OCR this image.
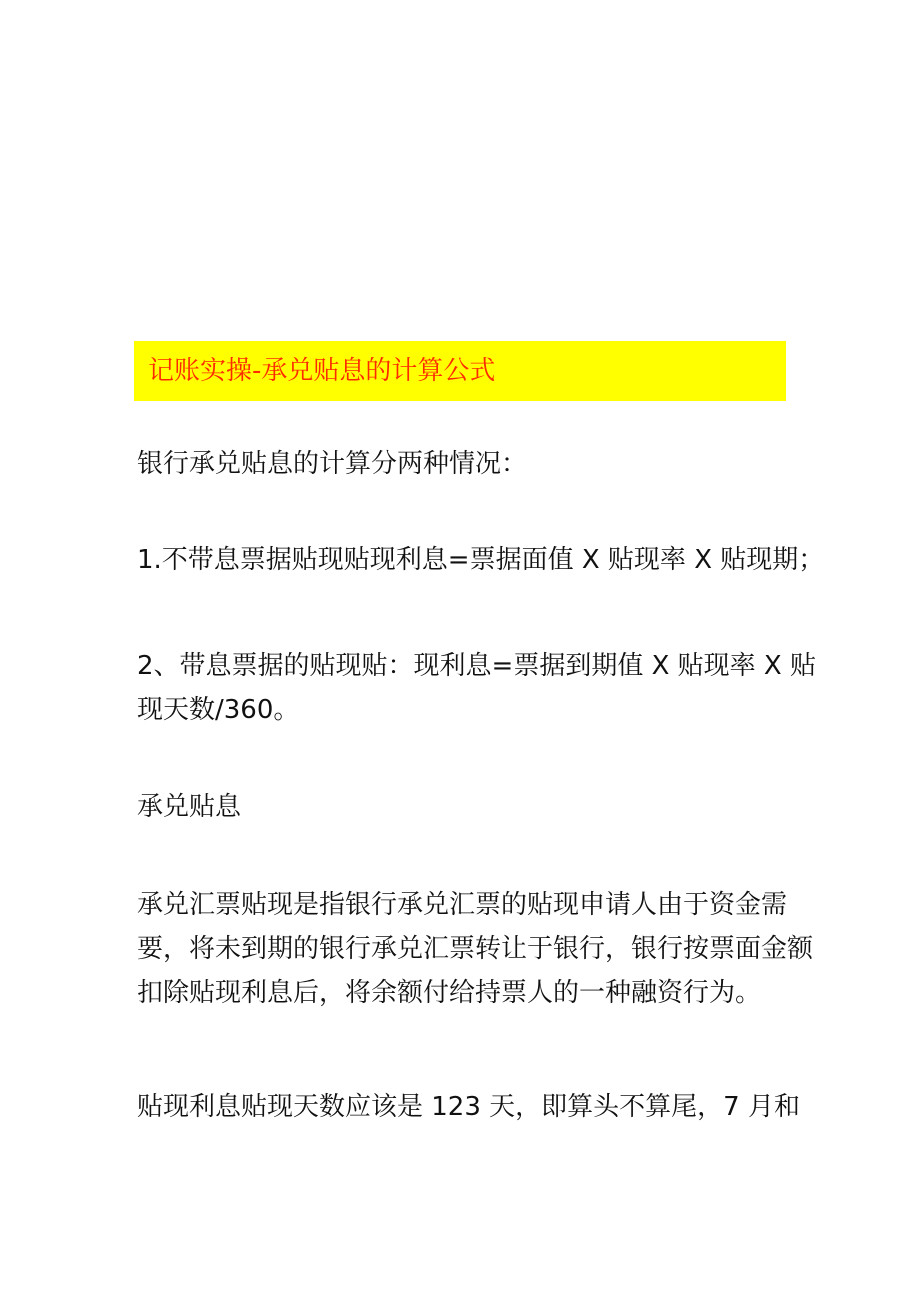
记账实操-承兑贴息的计算公式

银行承兑贴息的计算分两种情况：

1.不带息票据贴现贴现利息=票据面值 X 贴现率 X 贴现期；

2、带息票据的贴现贴：现利息=票据到期值 X 贴现率 X 贴
现天数/360。

承兑贴息

承兑汇票贴现是指银行承兑汇票的贴现申请人由于资金需
要，将未到期的银行承兑汇票转让于银行，银行按票面金额
扣除贴现利息后，将余额付给持票人的一种融资行为。

贴现利息贴现天数应该是 123 天，即算头不算尾，7 月和
